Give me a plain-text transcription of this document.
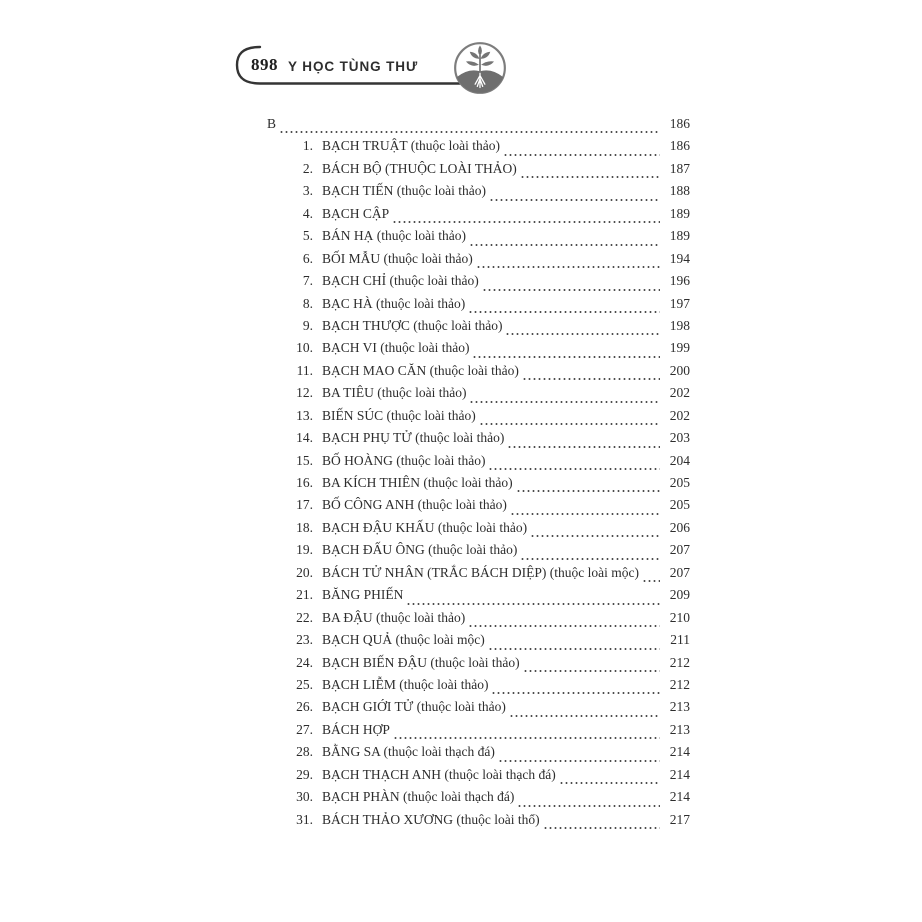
898 Y HỌC TÙNG THƯ
B	186
1. BẠCH TRUẬT (thuộc loài thảo)	186
2. BÁCH BỘ (THUỘC LOÀI THẢO)	187
3. BẠCH TIẾN (thuộc loài thảo)	188
4. BẠCH CẬP	189
5. BÁN HẠ (thuộc loài thảo)	189
6. BỐI MẪU (thuộc loài thảo)	194
7. BẠCH CHỈ (thuộc loài thảo)	196
8. BẠC HÀ (thuộc loài thảo)	197
9. BẠCH THƯỢC (thuộc loài thảo)	198
10. BẠCH VI (thuộc loài thảo)	199
11. BẠCH MAO CĂN (thuộc loài thảo)	200
12. BA TIÊU (thuộc loài thảo)	202
13. BIẾN SÚC (thuộc loài thảo)	202
14. BẠCH PHỤ TỬ (thuộc loài thảo)	203
15. BỐ HOÀNG (thuộc loài thảo)	204
16. BA KÍCH THIÊN (thuộc loài thảo)	205
17. BỐ CÔNG ANH (thuộc loài thảo)	205
18. BẠCH ĐẬU KHẤU (thuộc loài thảo)	206
19. BẠCH ĐẤU ÔNG (thuộc loài thảo)	207
20. BÁCH TỬ NHÂN (TRẮC BÁCH DIỆP) (thuộc loài mộc)	207
21. BĂNG PHIẾN	209
22. BA ĐẬU (thuộc loài thảo)	210
23. BẠCH QUẢ (thuộc loài mộc)	211
24. BẠCH BIẾN ĐẬU (thuộc loài thảo)	212
25. BẠCH LIỄM (thuộc loài thảo)	212
26. BẠCH GIỚI TỬ (thuộc loài thảo)	213
27. BÁCH HỢP	213
28. BẰNG SA (thuộc loài thạch đá)	214
29. BẠCH THẠCH ANH (thuộc loài thạch đá)	214
30. BẠCH PHÀN (thuộc loài thạch đá)	214
31. BÁCH THẢO XƯƠNG (thuộc loài thổ)	217
